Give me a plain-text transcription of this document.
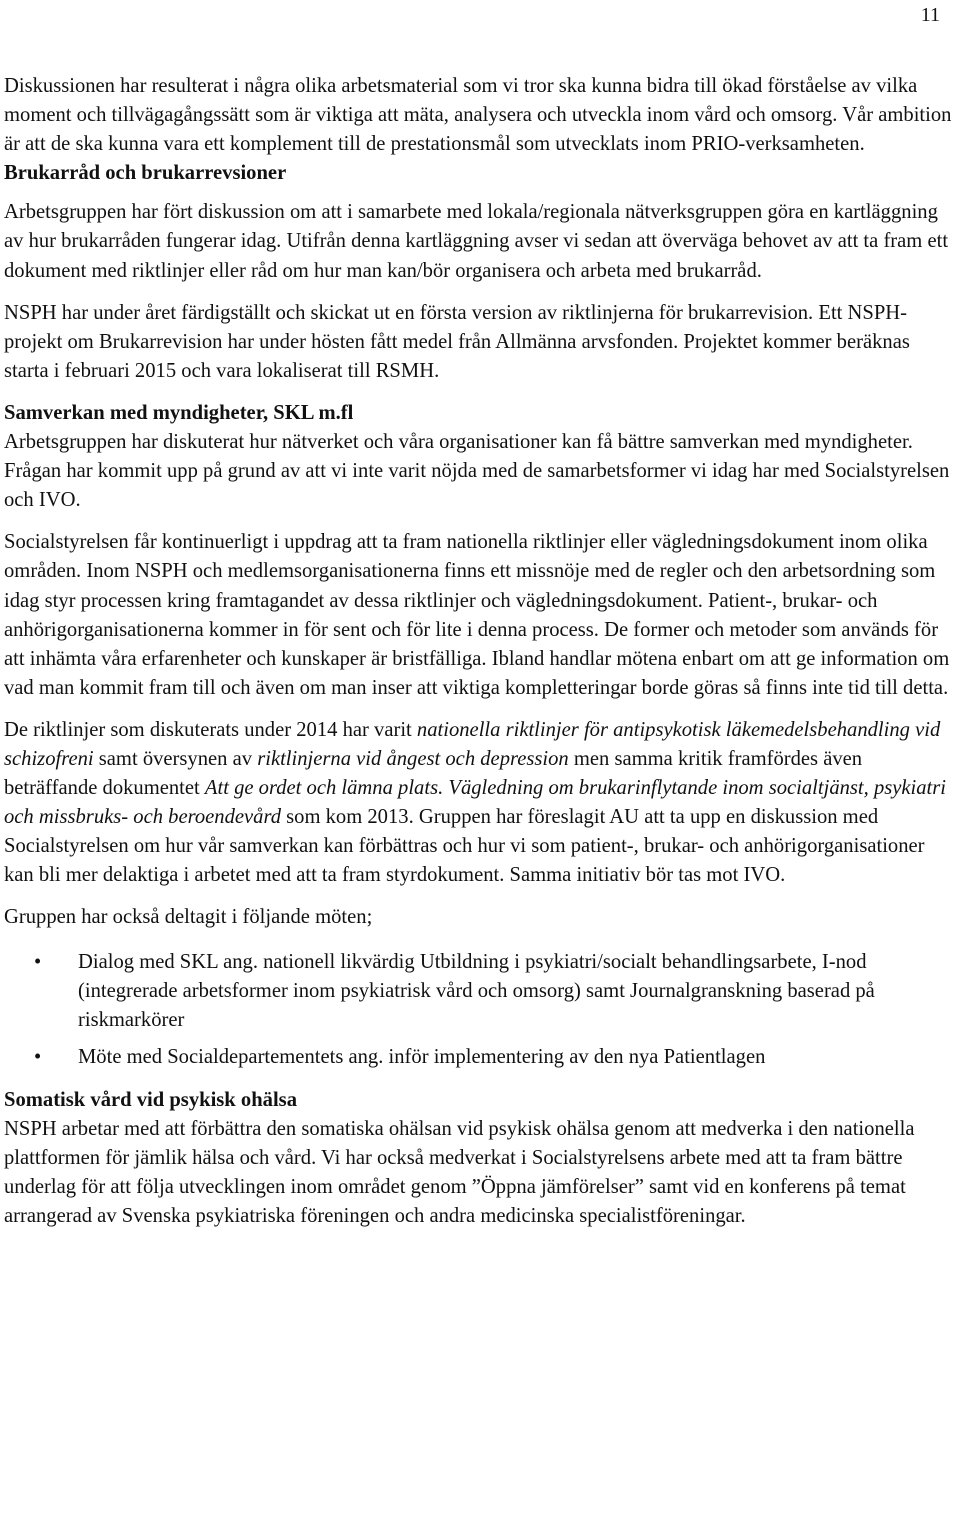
11

Diskussionen har resulterat i några olika arbetsmaterial som vi tror ska kunna bidra till ökad förståelse av vilka moment och tillvägagångssätt som är viktiga att mäta, analysera och utveckla inom vård och omsorg. Vår ambition är att de ska kunna vara ett komplement till de prestationsmål som utvecklats inom PRIO-verksamheten.

Brukarråd och brukarrevsioner

Arbetsgruppen har fört diskussion om att i samarbete med lokala/regionala nätverksgruppen göra en kartläggning av hur brukarråden fungerar idag. Utifrån denna kartläggning avser vi sedan att överväga behovet av att ta fram ett dokument med riktlinjer eller råd om hur man kan/bör organisera och arbeta med brukarråd.

NSPH har under året färdigställt och skickat ut en första version av riktlinjerna för brukarrevision. Ett NSPH-projekt om Brukarrevision har under hösten fått medel från Allmänna arvsfonden. Projektet kommer beräknas starta i februari 2015 och vara lokaliserat till RSMH.

Samverkan med myndigheter, SKL m.fl

Arbetsgruppen har diskuterat hur nätverket och våra organisationer kan få bättre samverkan med myndigheter. Frågan har kommit upp på grund av att vi inte varit nöjda med de samarbetsformer vi idag har med Socialstyrelsen och IVO.

Socialstyrelsen får kontinuerligt i uppdrag att ta fram nationella riktlinjer eller vägledningsdokument inom olika områden. Inom NSPH och medlemsorganisationerna finns ett missnöje med de regler och den arbetsordning som idag styr processen kring framtagandet av dessa riktlinjer och vägledningsdokument. Patient-, brukar- och anhörigorganisationerna kommer in för sent och för lite i denna process. De former och metoder som används för att inhämta våra erfarenheter och kunskaper är bristfälliga. Ibland handlar mötena enbart om att ge information om vad man kommit fram till och även om man inser att viktiga kompletteringar borde göras så finns inte tid till detta.

De riktlinjer som diskuterats under 2014 har varit nationella riktlinjer för antipsykotisk läkemedelsbehandling vid schizofreni samt översynen av riktlinjerna vid ångest och depression men samma kritik framfördes även beträffande dokumentet Att ge ordet och lämna plats. Vägledning om brukarinflytande inom socialtjänst, psykiatri och missbruks- och beroendevård som kom 2013. Gruppen har föreslagit AU att ta upp en diskussion med Socialstyrelsen om hur vår samverkan kan förbättras och hur vi som patient-, brukar- och anhörigorganisationer kan bli mer delaktiga i arbetet med att ta fram styrdokument. Samma initiativ bör tas mot IVO.

Gruppen har också deltagit i följande möten;

• Dialog med SKL ang. nationell likvärdig Utbildning i psykiatri/socialt behandlingsarbete, I-nod (integrerade arbetsformer inom psykiatrisk vård och omsorg) samt Journalgranskning baserad på riskmarkörer
• Möte med Socialdepartementets ang. inför implementering av den nya Patientlagen
Somatisk vård vid psykisk ohälsa

NSPH arbetar med att förbättra den somatiska ohälsan vid psykisk ohälsa genom att medverka i den nationella plattformen för jämlik hälsa och vård. Vi har också medverkat i Socialstyrelsens arbete med att ta fram bättre underlag för att följa utvecklingen inom området genom ”Öppna jämförelser” samt vid en konferens på temat arrangerad av Svenska psykiatriska föreningen och andra medicinska specialistföreningar.
